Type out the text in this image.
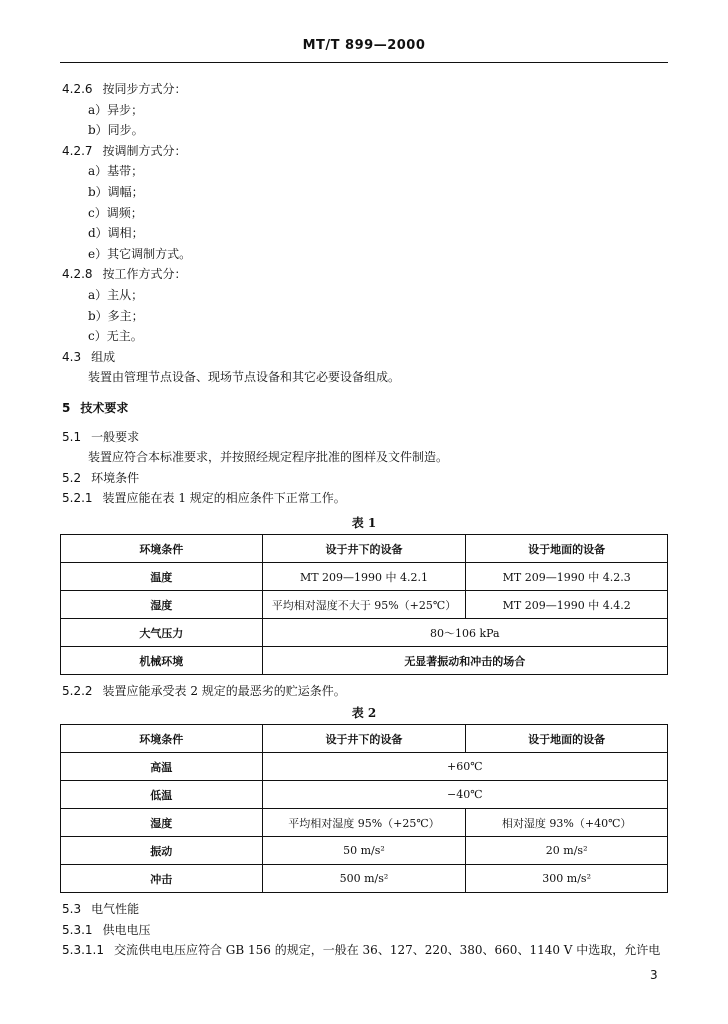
MT/T 899—2000
4.2.6 按同步方式分：
a）异步；
b）同步。
4.2.7 按调制方式分：
a）基带；
b）调幅；
c）调频；
d）调相；
e）其它调制方式。
4.2.8 按工作方式分：
a）主从；
b）多主；
c）无主。
4.3 组成
装置由管理节点设备、现场节点设备和其它必要设备组成。
5 技术要求
5.1 一般要求
装置应符合本标准要求，并按照经规定程序批准的图样及文件制造。
5.2 环境条件
5.2.1 装置应能在表 1 规定的相应条件下正常工作。
表 1
环境条件	设于井下的设备	设于地面的设备
温度	MT 209—1990 中 4.2.1	MT 209—1990 中 4.2.3
湿度	平均相对湿度不大于 95%（+25℃）	MT 209—1990 中 4.4.2
大气压力	80～106 kPa	
机械环境	无显著振动和冲击的场合	
5.2.2 装置应能承受表 2 规定的最恶劣的贮运条件。
表 2
环境条件	设于井下的设备	设于地面的设备
高温	+60℃	
低温	−40℃	
湿度	平均相对湿度 95%（+25℃）	相对湿度 93%（+40℃）
振动	50 m/s²	20 m/s²
冲击	500 m/s²	300 m/s²
5.3 电气性能
5.3.1 供电电压
5.3.1.1 交流供电电压应符合 GB 156 的规定，一般在 36、127、220、380、660、1140 V 中选取，允许电
3
